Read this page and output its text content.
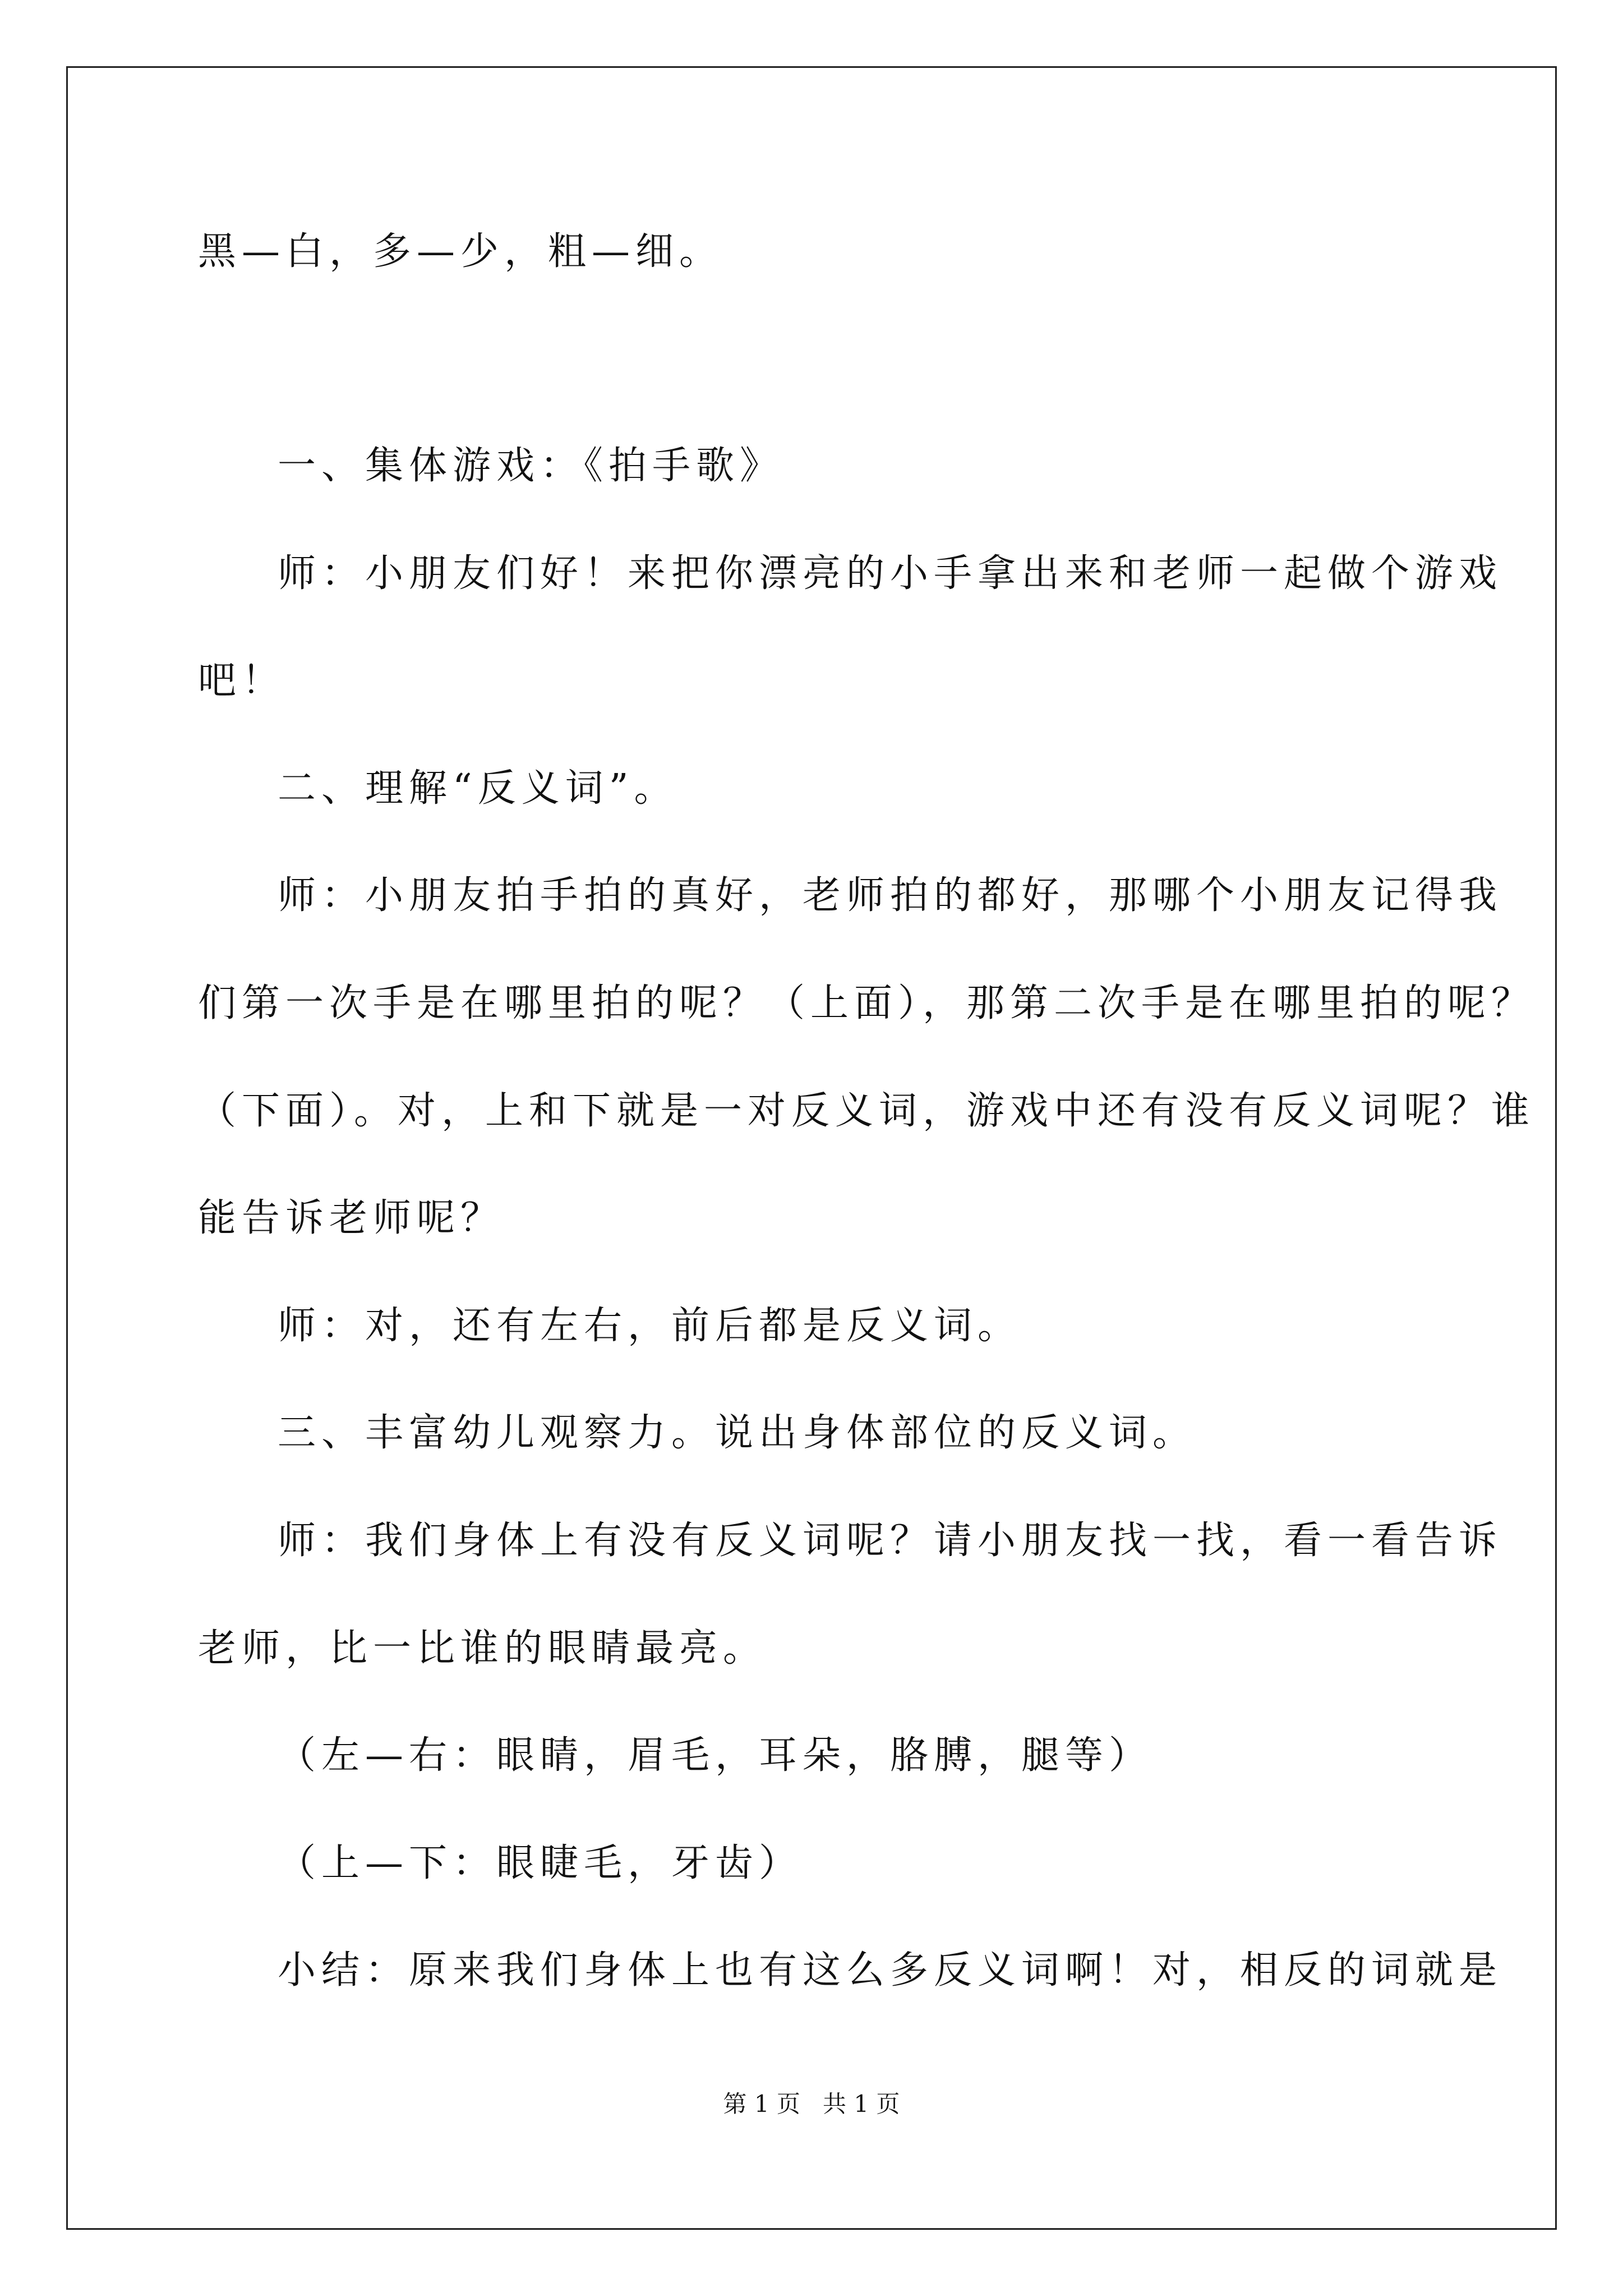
黑—白，多—少，粗—细。
一、集体游戏：《拍手歌》
师：小朋友们好！来把你漂亮的小手拿出来和老师一起做个游戏
吧！
二、理解“反义词”。
师：小朋友拍手拍的真好，老师拍的都好，那哪个小朋友记得我
们第一次手是在哪里拍的呢？（上面），那第二次手是在哪里拍的呢？
（下面）。对，上和下就是一对反义词，游戏中还有没有反义词呢？谁
能告诉老师呢？
师：对，还有左右，前后都是反义词。
三、丰富幼儿观察力。说出身体部位的反义词。
师：我们身体上有没有反义词呢？请小朋友找一找，看一看告诉
老师，比一比谁的眼睛最亮。
（左—右：眼睛，眉毛，耳朵，胳膊，腿等）
（上—下：眼睫毛，牙齿）
小结：原来我们身体上也有这么多反义词啊！对，相反的词就是
第 1 页   共 1 页
